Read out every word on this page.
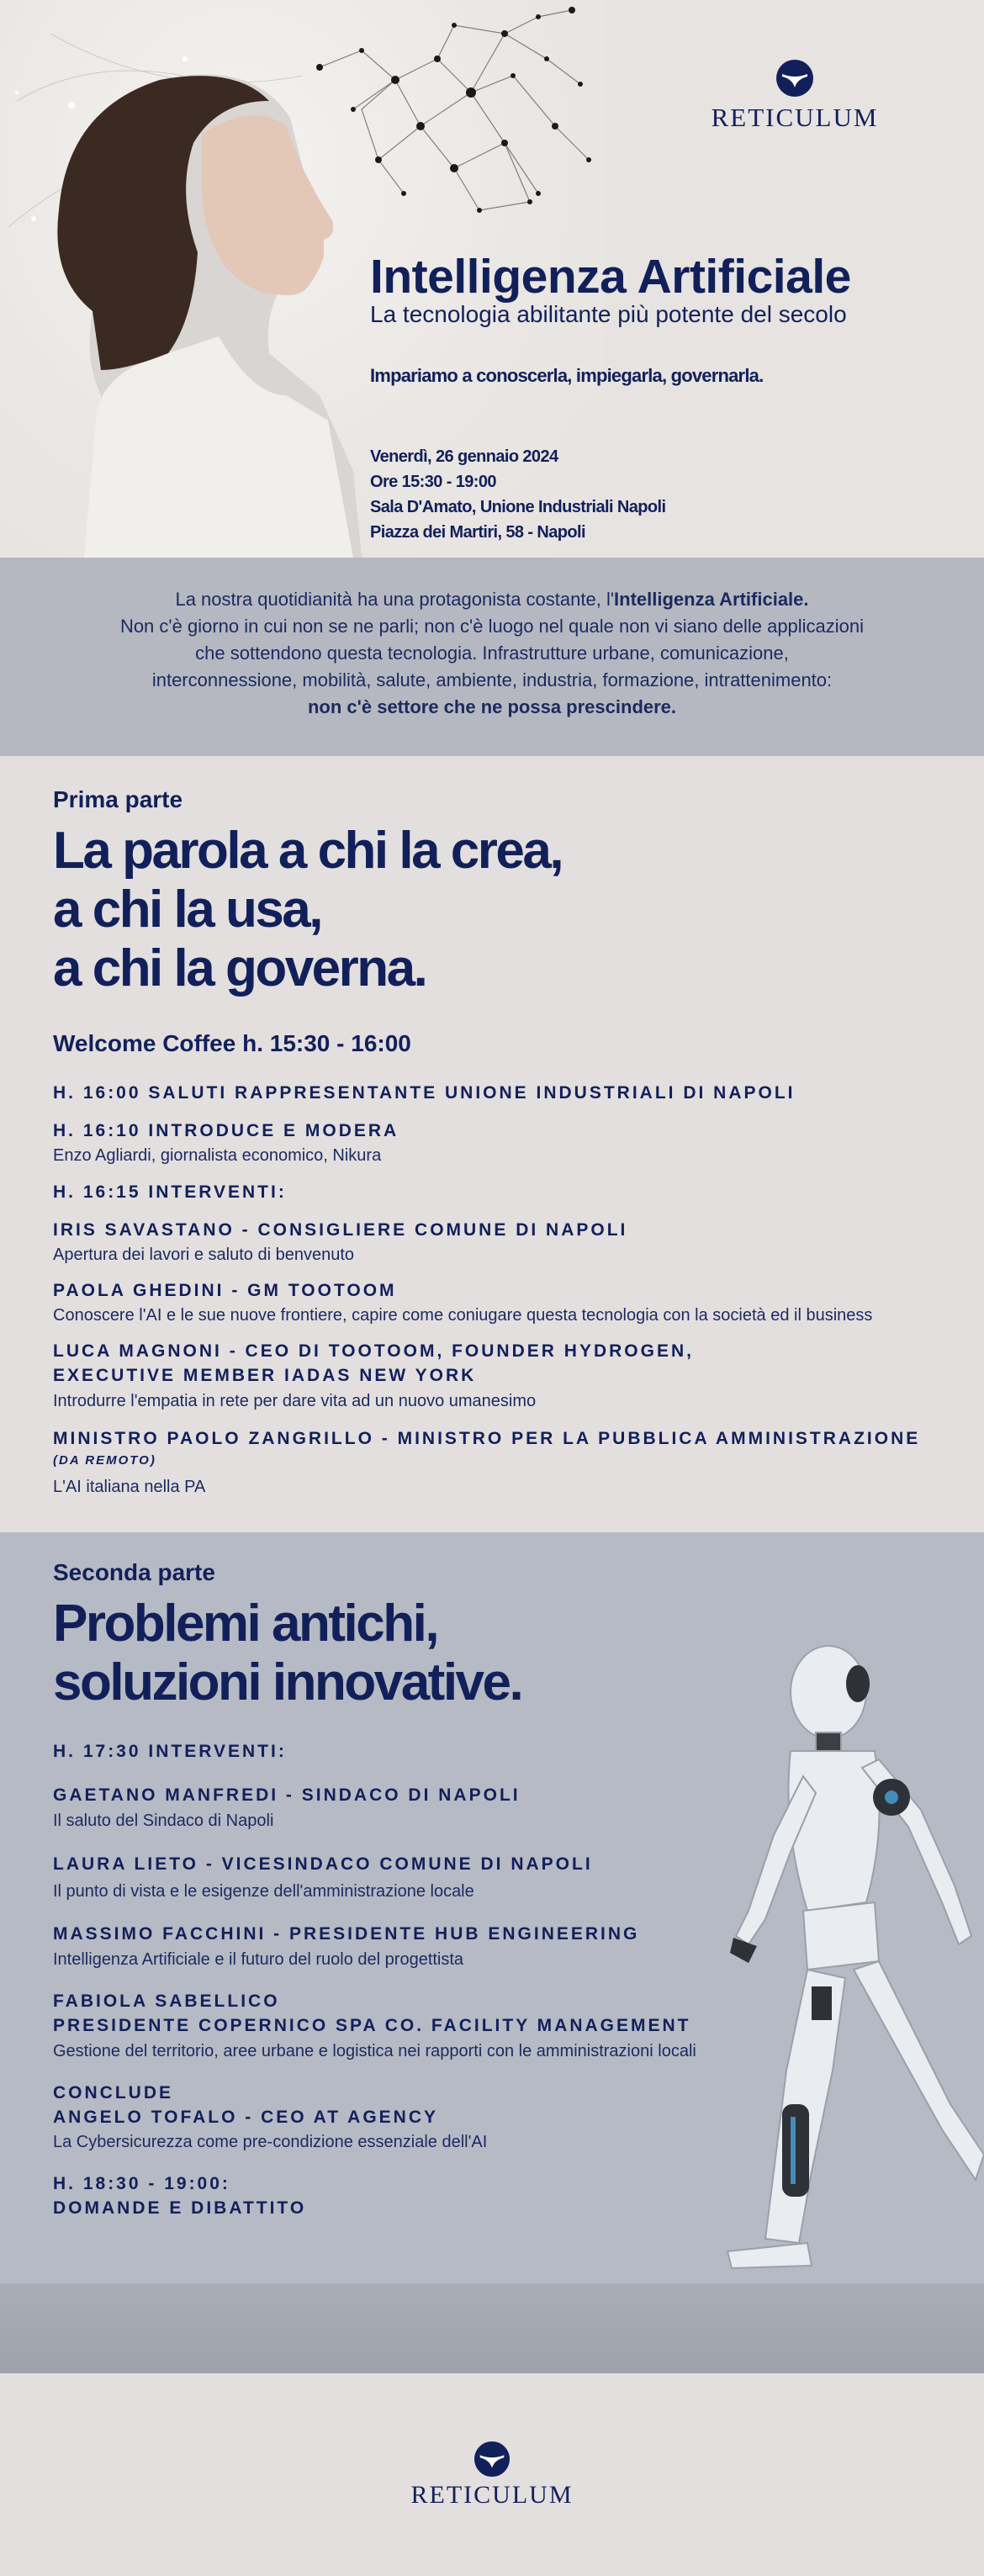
RETICULUM
Intelligenza Artificiale
La tecnologia abilitante più potente del secolo
Impariamo a conoscerla, impiegarla, governarla.
Venerdì, 26 gennaio 2024
Ore 15:30 - 19:00
Sala D'Amato, Unione Industriali Napoli
Piazza dei Martiri, 58 - Napoli

La nostra quotidianità ha una protagonista costante, l'Intelligenza Artificiale.
Non c'è giorno in cui non se ne parli; non c'è luogo nel quale non vi siano delle applicazioni
che sottendono questa tecnologia. Infrastrutture urbane, comunicazione,
interconnessione, mobilità, salute, ambiente, industria, formazione, intrattenimento:
non c'è settore che ne possa prescindere.

Prima parte
La parola a chi la crea,
a chi la usa,
a chi la governa.
Welcome Coffee h. 15:30 - 16:00
H. 16:00 SALUTI RAPPRESENTANTE UNIONE INDUSTRIALI DI NAPOLI
H. 16:10 INTRODUCE E MODERA
Enzo Agliardi, giornalista economico, Nikura
H. 16:15 INTERVENTI:
IRIS SAVASTANO - CONSIGLIERE COMUNE DI NAPOLI
Apertura dei lavori e saluto di benvenuto
PAOLA GHEDINI - GM TOOTOOM
Conoscere l'AI e le sue nuove frontiere, capire come coniugare questa tecnologia con la società ed il business
LUCA MAGNONI - CEO DI TOOTOOM, FOUNDER HYDROGEN,
EXECUTIVE MEMBER IADAS NEW YORK
Introdurre l'empatia in rete per dare vita ad un nuovo umanesimo
MINISTRO PAOLO ZANGRILLO - MINISTRO PER LA PUBBLICA AMMINISTRAZIONE
(DA REMOTO)
L'AI italiana nella PA
Seconda parte
Problemi antichi,
soluzioni innovative.
H. 17:30 INTERVENTI:
GAETANO MANFREDI - SINDACO DI NAPOLI
Il saluto del Sindaco di Napoli
LAURA LIETO - VICESINDACO COMUNE DI NAPOLI
Il punto di vista e le esigenze dell'amministrazione locale
MASSIMO FACCHINI - PRESIDENTE HUB ENGINEERING
Intelligenza Artificiale e il futuro del ruolo del progettista
FABIOLA SABELLICO
PRESIDENTE COPERNICO SPA CO. FACILITY MANAGEMENT
Gestione del territorio, aree urbane e logistica nei rapporti con le amministrazioni locali
CONCLUDE
ANGELO TOFALO - CEO AT AGENCY
La Cybersicurezza come pre-condizione essenziale dell'AI
H. 18:30 - 19:00:
DOMANDE E DIBATTITO
RETICULUM
